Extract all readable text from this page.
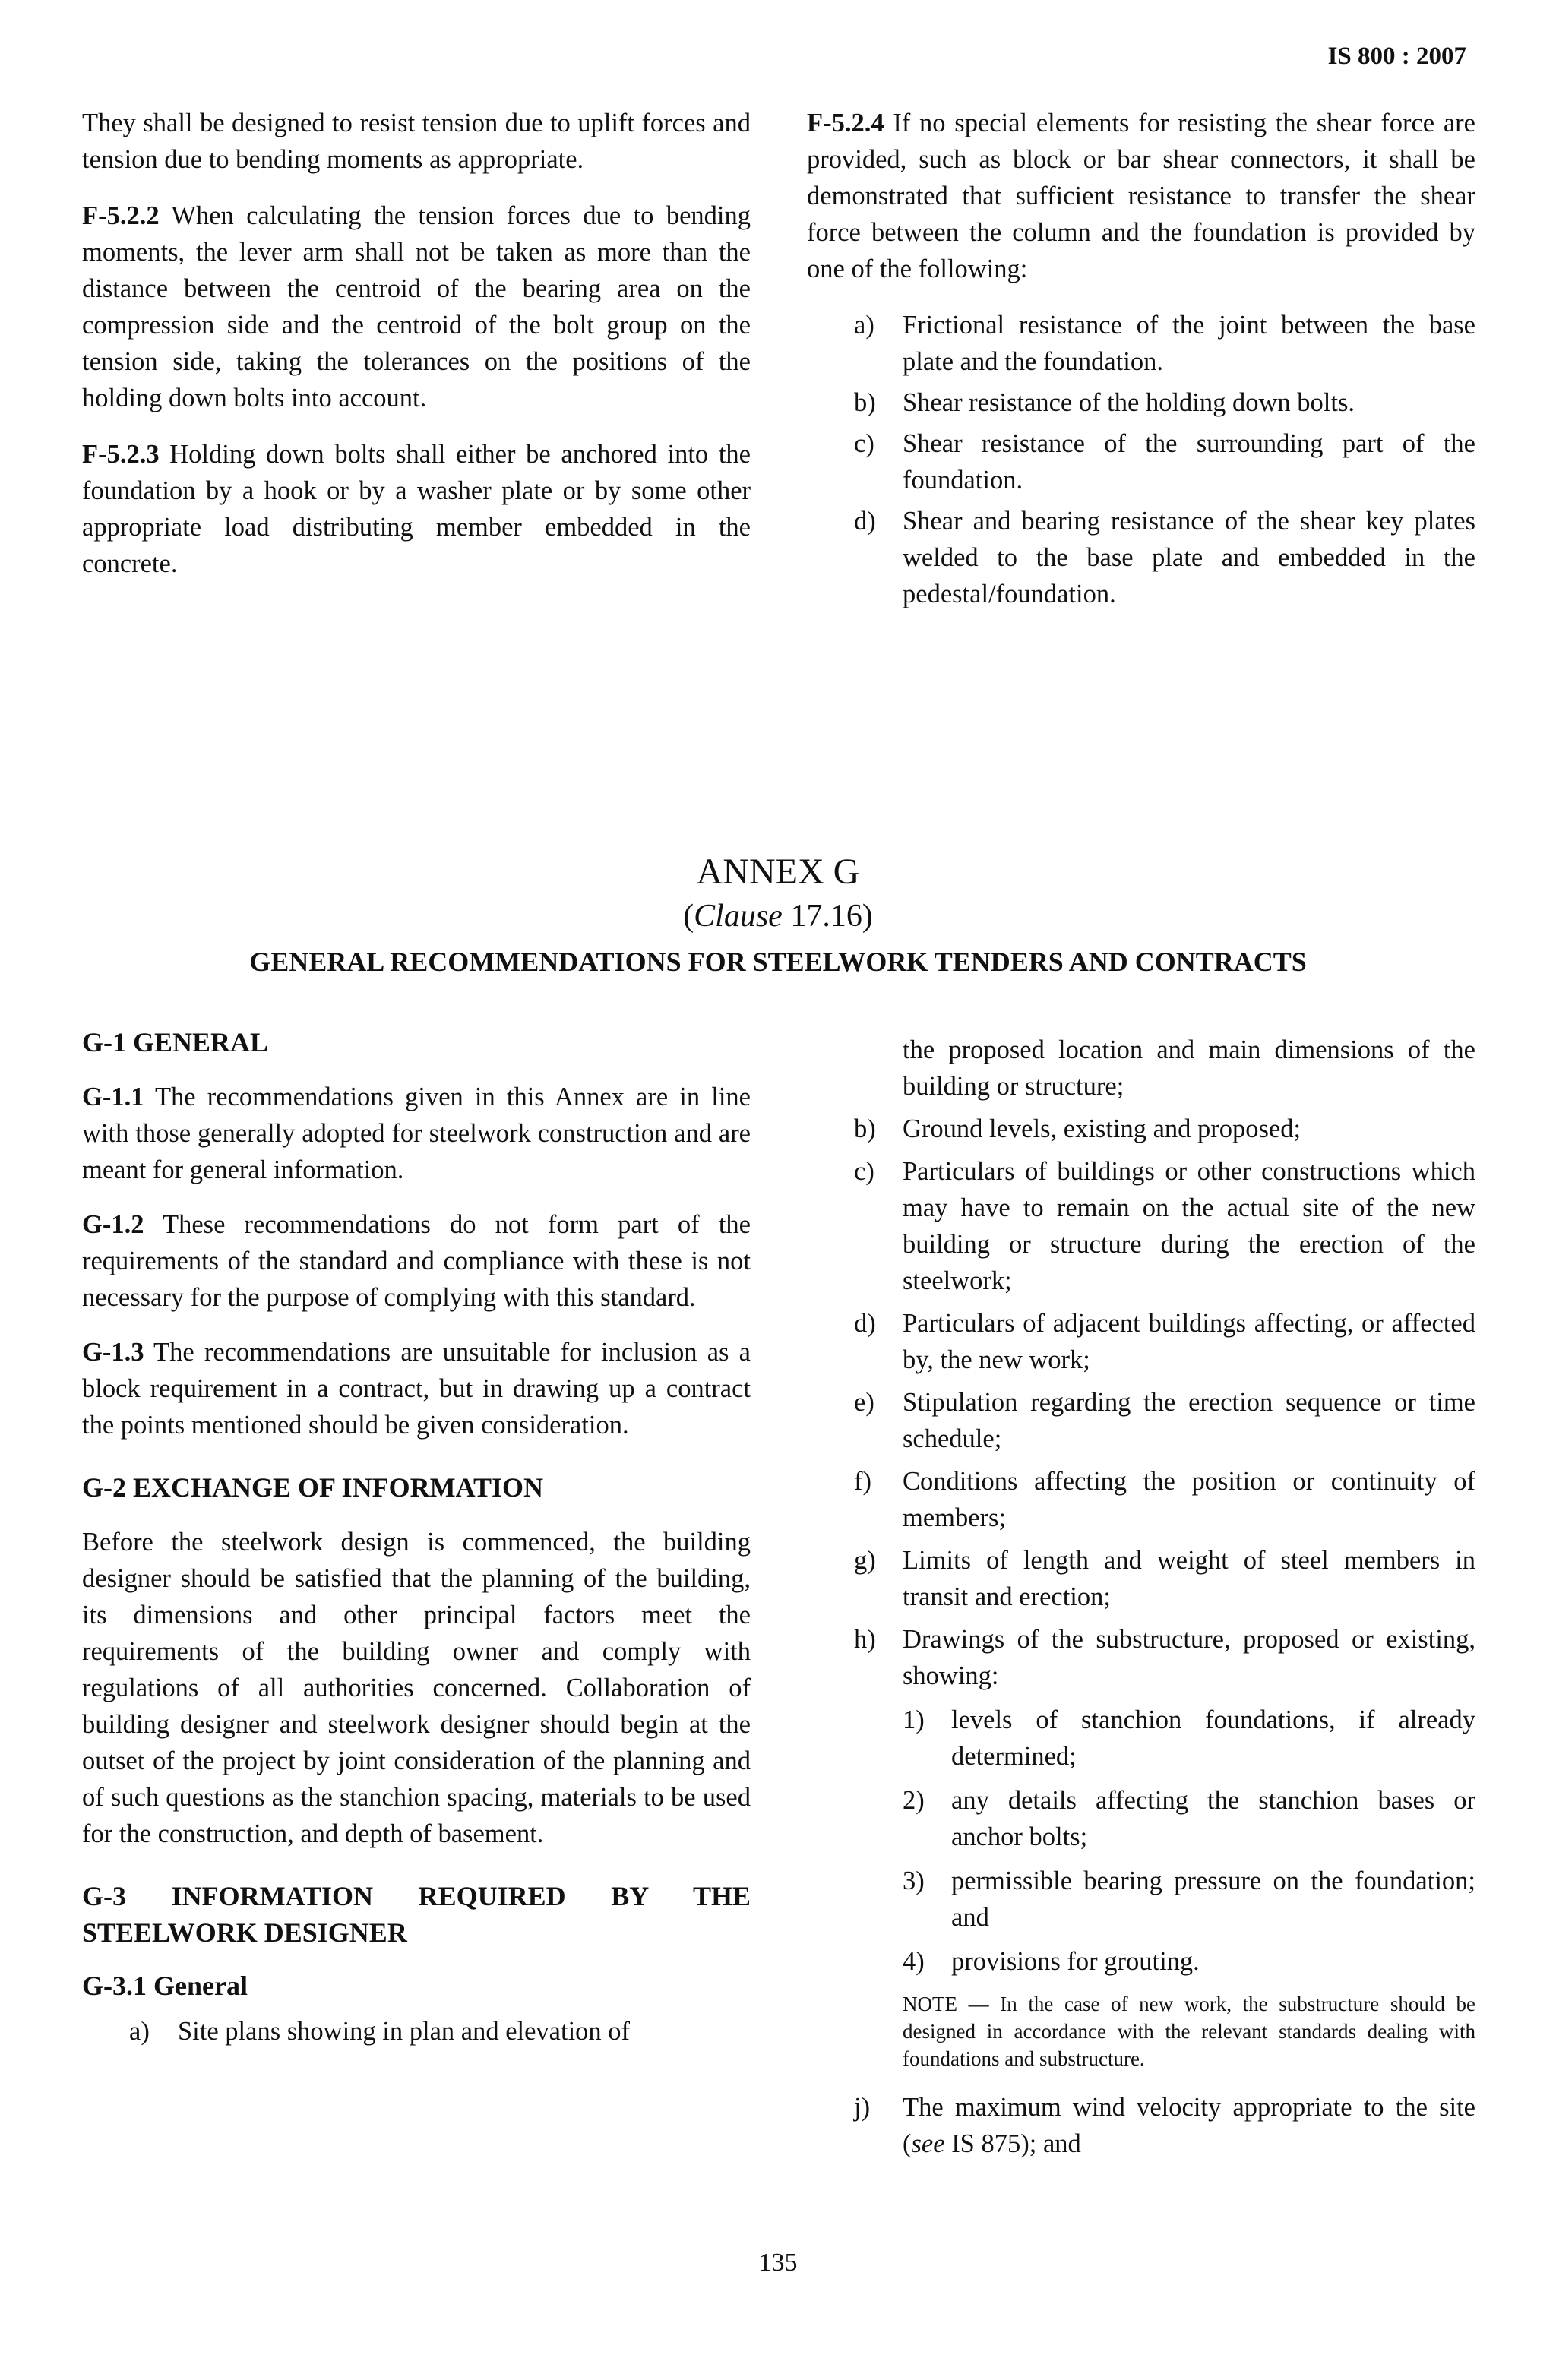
IS 800 : 2007

They shall be designed to resist tension due to uplift forces and tension due to bending moments as appropriate.

F-5.2.2 When calculating the tension forces due to bending moments, the lever arm shall not be taken as more than the distance between the centroid of the bearing area on the compression side and the centroid of the bolt group on the tension side, taking the tolerances on the positions of the holding down bolts into account.

F-5.2.3 Holding down bolts shall either be anchored into the foundation by a hook or by a washer plate or by some other appropriate load distributing member embedded in the concrete.

F-5.2.4 If no special elements for resisting the shear force are provided, such as block or bar shear connectors, it shall be demonstrated that sufficient resistance to transfer the shear force between the column and the foundation is provided by one of the following:

a)	Frictional resistance of the joint between the base plate and the foundation.
b)	Shear resistance of the holding down bolts.
c)	Shear resistance of the surrounding part of the foundation.
d)	Shear and bearing resistance of the shear key plates welded to the base plate and embedded in the pedestal/foundation.
ANNEX G
(Clause 17.16)
GENERAL RECOMMENDATIONS FOR STEELWORK TENDERS AND CONTRACTS

G-1 GENERAL

G-1.1 The recommendations given in this Annex are in line with those generally adopted for steelwork construction and are meant for general information.

G-1.2 These recommendations do not form part of the requirements of the standard and compliance with these is not necessary for the purpose of complying with this standard.

G-1.3 The recommendations are unsuitable for inclusion as a block requirement in a contract, but in drawing up a contract the points mentioned should be given consideration.

G-2 EXCHANGE OF INFORMATION

Before the steelwork design is commenced, the building designer should be satisfied that the planning of the building, its dimensions and other principal factors meet the requirements of the building owner and comply with regulations of all authorities concerned. Collaboration of building designer and steelwork designer should begin at the outset of the project by joint consideration of the planning and of such questions as the stanchion spacing, materials to be used for the construction, and depth of basement.

G-3 INFORMATION REQUIRED BY THE STEELWORK DESIGNER

G-3.1 General

a)	Site plans showing in plan and elevation of
the proposed location and main dimensions of the building or structure;
b)	Ground levels, existing and proposed;
c)	Particulars of buildings or other constructions which may have to remain on the actual site of the new building or structure during the erection of the steelwork;
d)	Particulars of adjacent buildings affecting, or affected by, the new work;
e)	Stipulation regarding the erection sequence or time schedule;
f)	Conditions affecting the position or continuity of members;
g)	Limits of length and weight of steel members in transit and erection;
h)	Drawings of the substructure, proposed or existing, showing:
1)	levels of stanchion foundations, if already determined;
2)	any details affecting the stanchion bases or anchor bolts;
3)	permissible bearing pressure on the foundation; and
4)	provisions for grouting.
NOTE — In the case of new work, the substructure should be designed in accordance with the relevant standards dealing with foundations and substructure.
j)	The maximum wind velocity appropriate to the site (see IS 875); and
135
